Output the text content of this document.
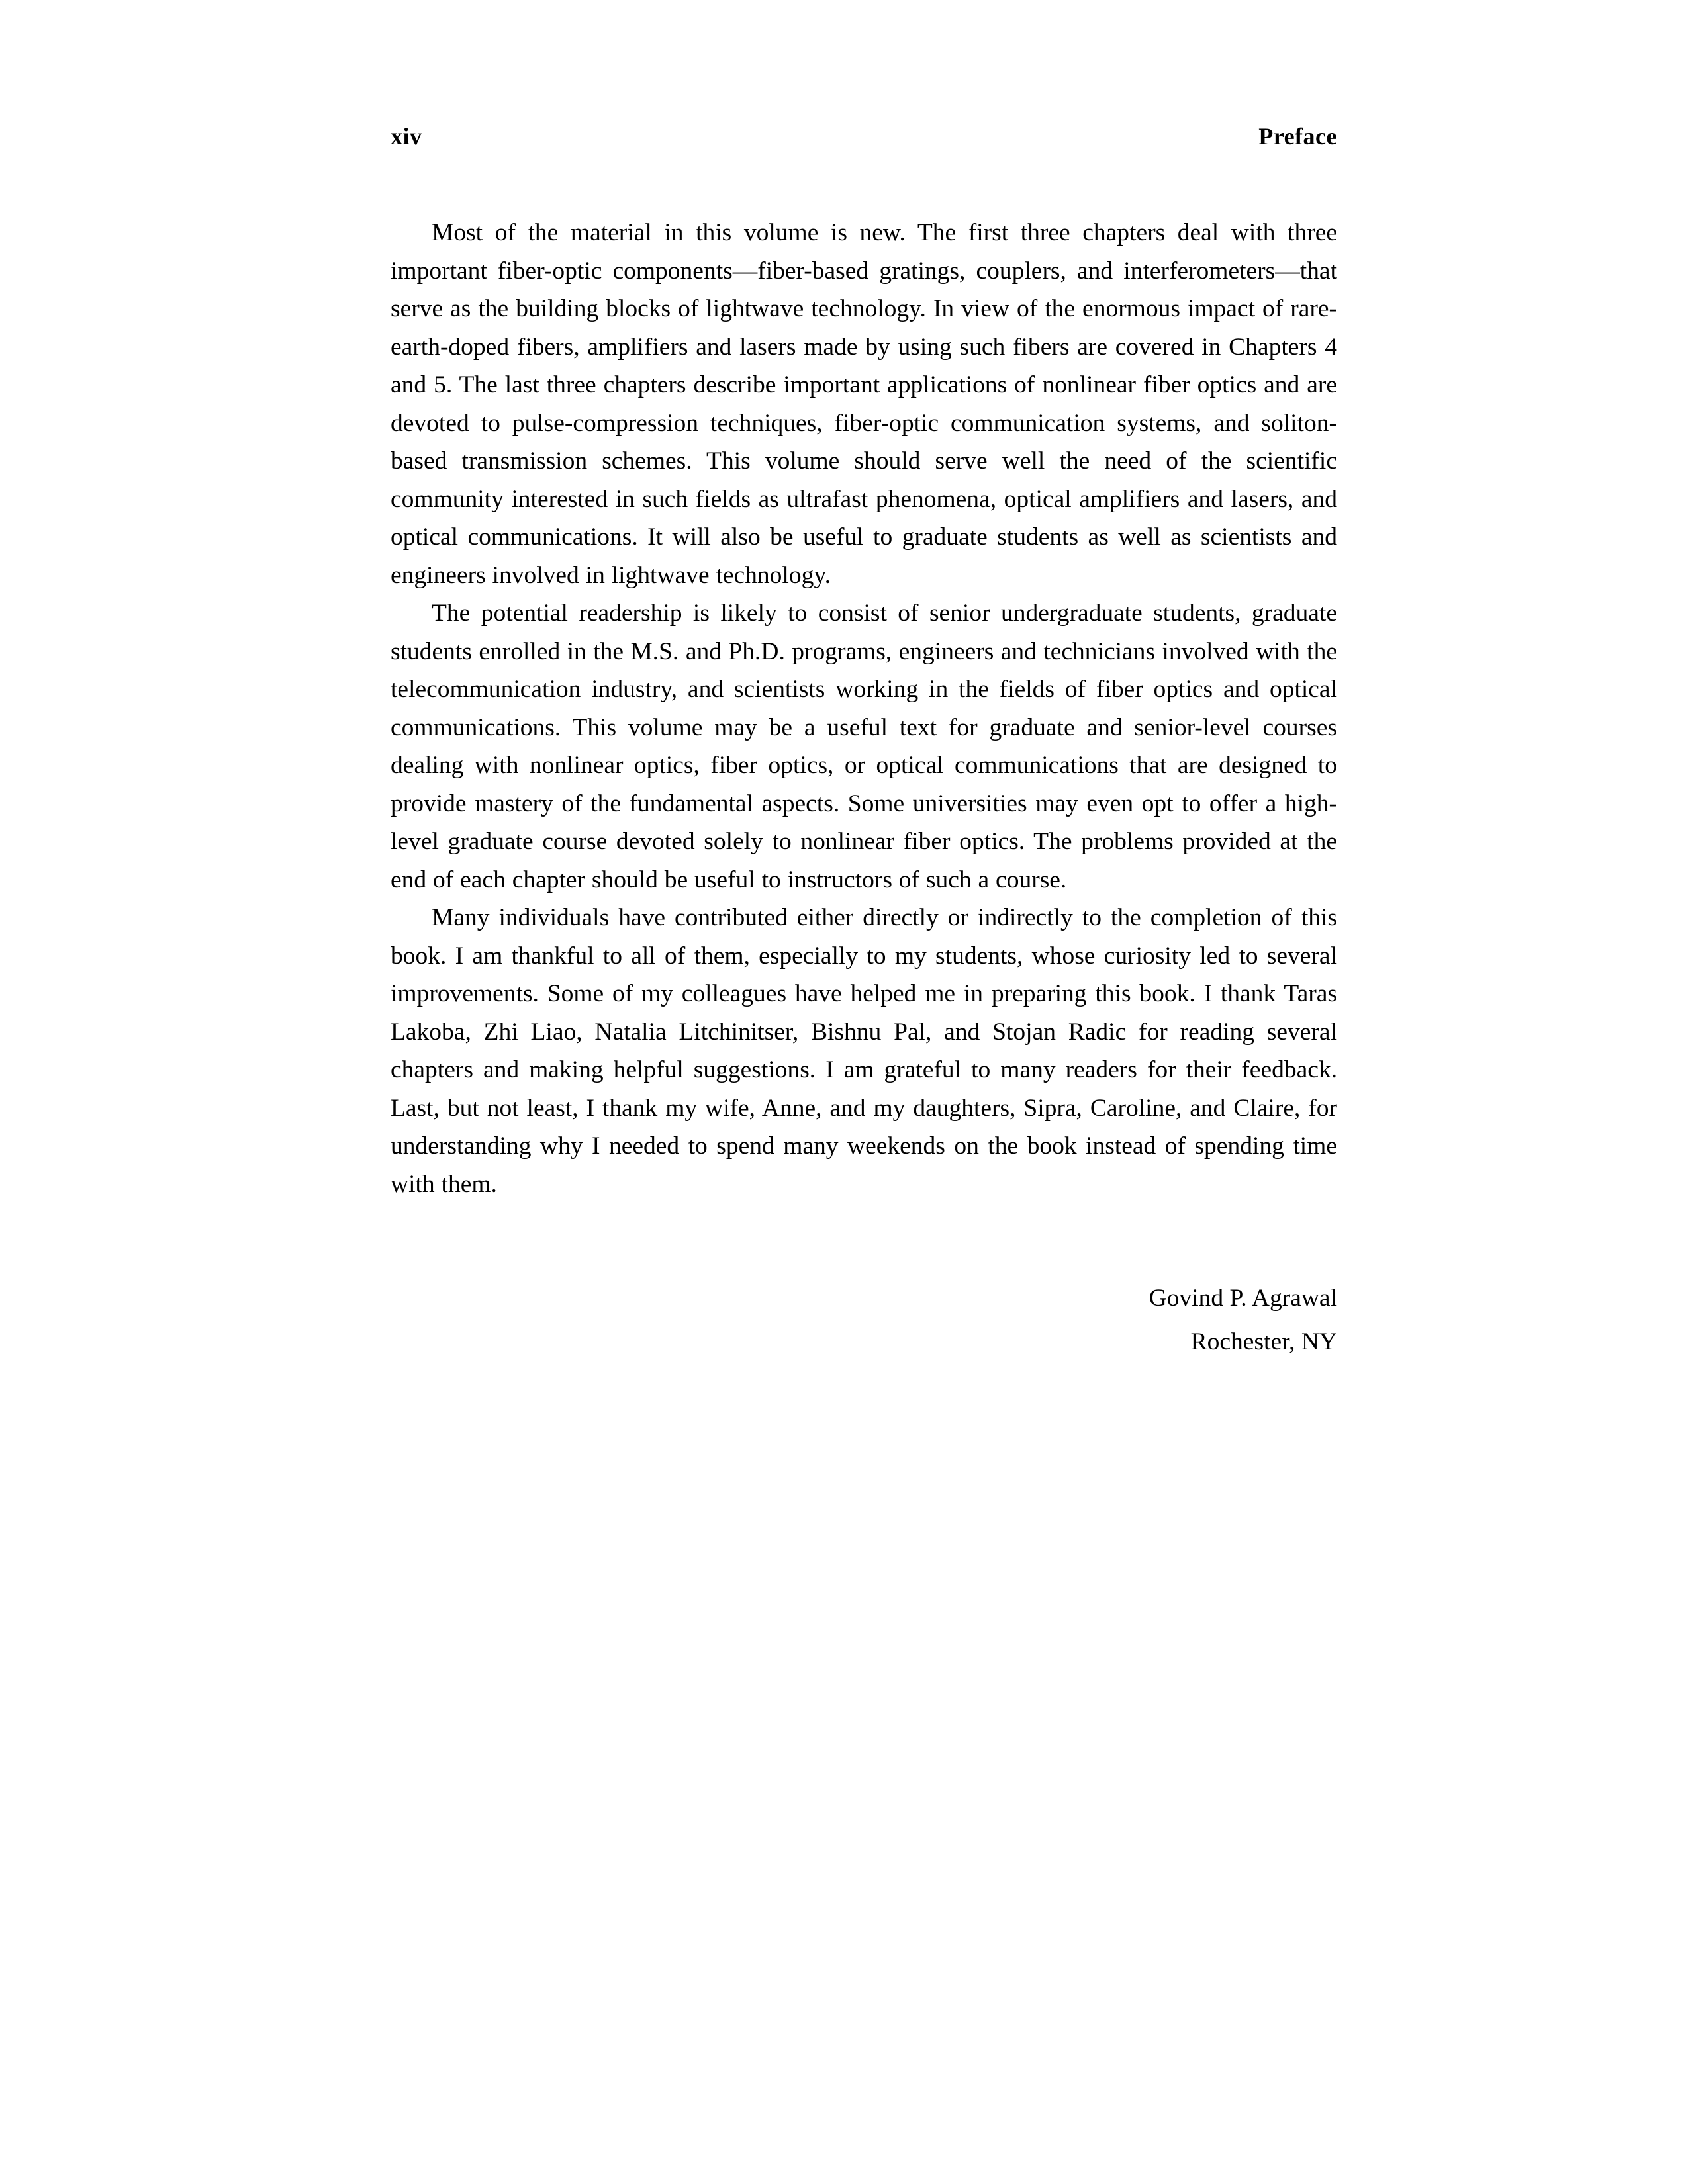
xiv	Preface

Most of the material in this volume is new. The first three chapters deal with three important fiber-optic components—fiber-based gratings, couplers, and interferometers—that serve as the building blocks of lightwave technology. In view of the enormous impact of rare-earth-doped fibers, amplifiers and lasers made by using such fibers are covered in Chapters 4 and 5. The last three chapters describe important applications of nonlinear fiber optics and are devoted to pulse-compression techniques, fiber-optic communication systems, and soliton-based transmission schemes. This volume should serve well the need of the scientific community interested in such fields as ultrafast phenomena, optical amplifiers and lasers, and optical communications. It will also be useful to graduate students as well as scientists and engineers involved in lightwave technology.

The potential readership is likely to consist of senior undergraduate students, graduate students enrolled in the M.S. and Ph.D. programs, engineers and technicians involved with the telecommunication industry, and scientists working in the fields of fiber optics and optical communications. This volume may be a useful text for graduate and senior-level courses dealing with nonlinear optics, fiber optics, or optical communications that are designed to provide mastery of the fundamental aspects. Some universities may even opt to offer a high-level graduate course devoted solely to nonlinear fiber optics. The problems provided at the end of each chapter should be useful to instructors of such a course.

Many individuals have contributed either directly or indirectly to the completion of this book. I am thankful to all of them, especially to my students, whose curiosity led to several improvements. Some of my colleagues have helped me in preparing this book. I thank Taras Lakoba, Zhi Liao, Natalia Litchinitser, Bishnu Pal, and Stojan Radic for reading several chapters and making helpful suggestions. I am grateful to many readers for their feedback. Last, but not least, I thank my wife, Anne, and my daughters, Sipra, Caroline, and Claire, for understanding why I needed to spend many weekends on the book instead of spending time with them.

Govind P. Agrawal
Rochester, NY
